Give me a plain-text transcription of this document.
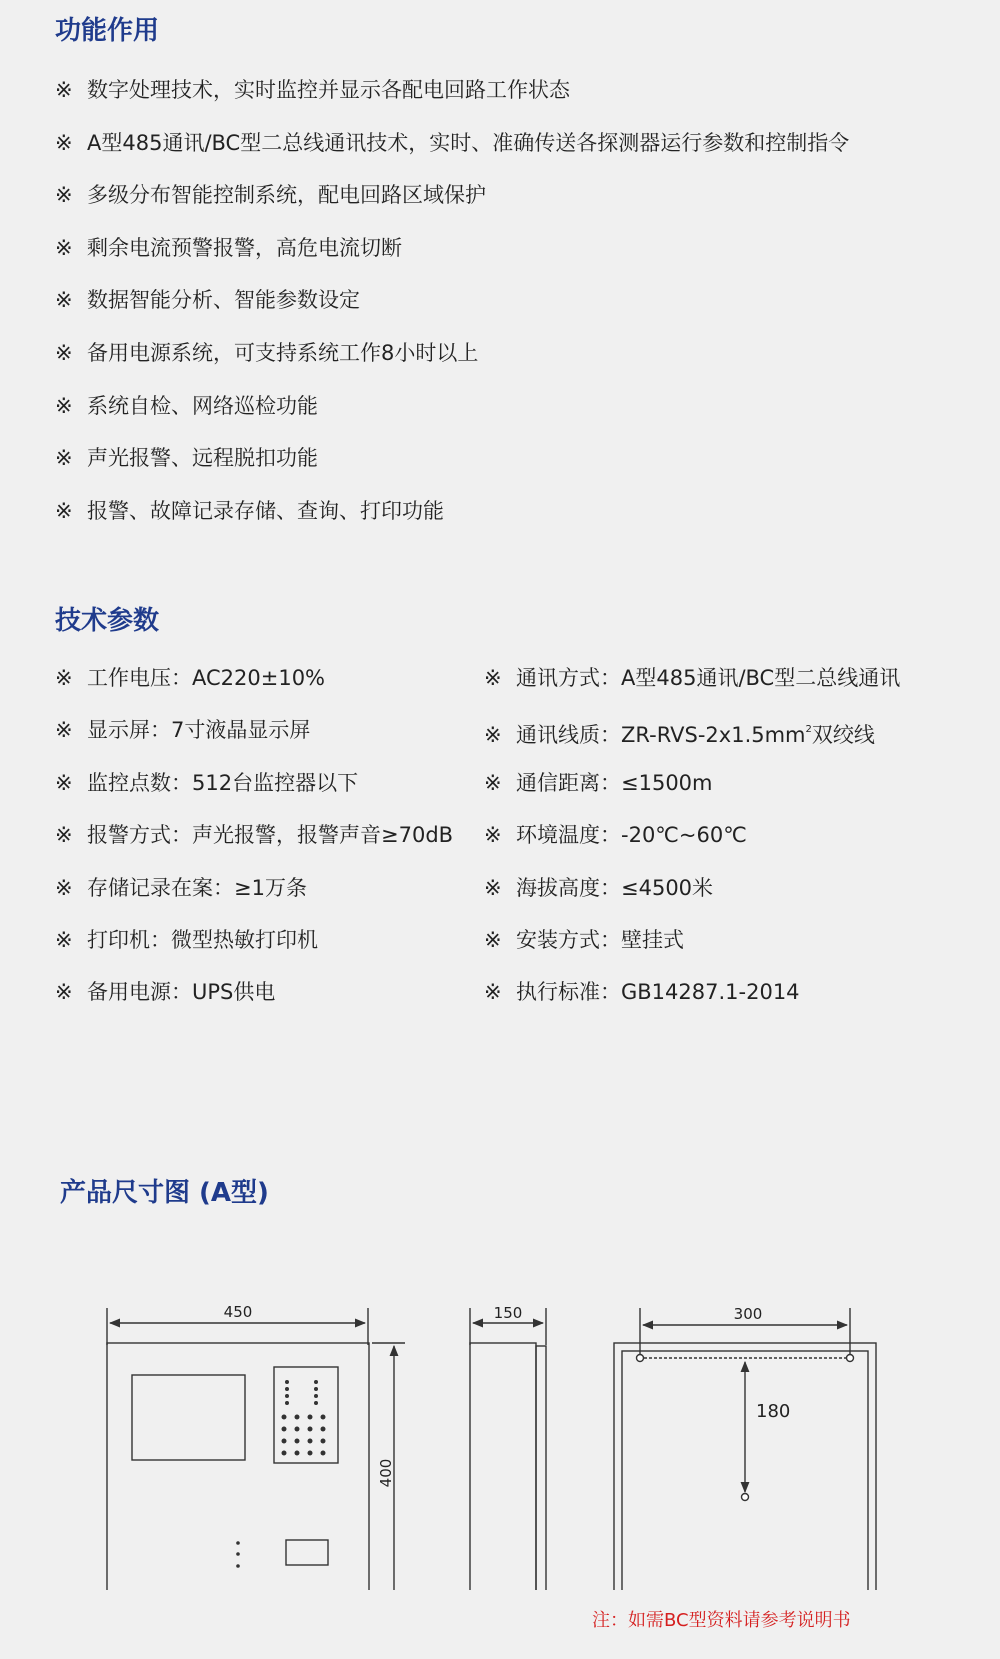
功能作用
※ 数字处理技术，实时监控并显示各配电回路工作状态
※ A型485通讯/BC型二总线通讯技术，实时、准确传送各探测器运行参数和控制指令
※ 多级分布智能控制系统，配电回路区域保护
※ 剩余电流预警报警，高危电流切断
※ 数据智能分析、智能参数设定
※ 备用电源系统，可支持系统工作8小时以上
※ 系统自检、网络巡检功能
※ 声光报警、远程脱扣功能
※ 报警、故障记录存储、查询、打印功能
技术参数
※ 工作电压：AC220±10%
※ 显示屏：7寸液晶显示屏
※ 监控点数：512台监控器以下
※ 报警方式：声光报警，报警声音≥70dB
※ 存储记录在案：≥1万条
※ 打印机：微型热敏打印机
※ 备用电源：UPS供电
※ 通讯方式：A型485通讯/BC型二总线通讯
※ 通讯线质：$ZR-RVS-2x1.5mm^2$双绞线
※ 通信距离：≤1500m
※ 环境温度：-20℃~60℃
※ 海拔高度：≤4500米
※ 安装方式：壁挂式
※ 执行标准：GB14287.1-2014
产品尺寸图 (A型)
450
400
150	300
180

注：如需BC型资料请参考说明书
